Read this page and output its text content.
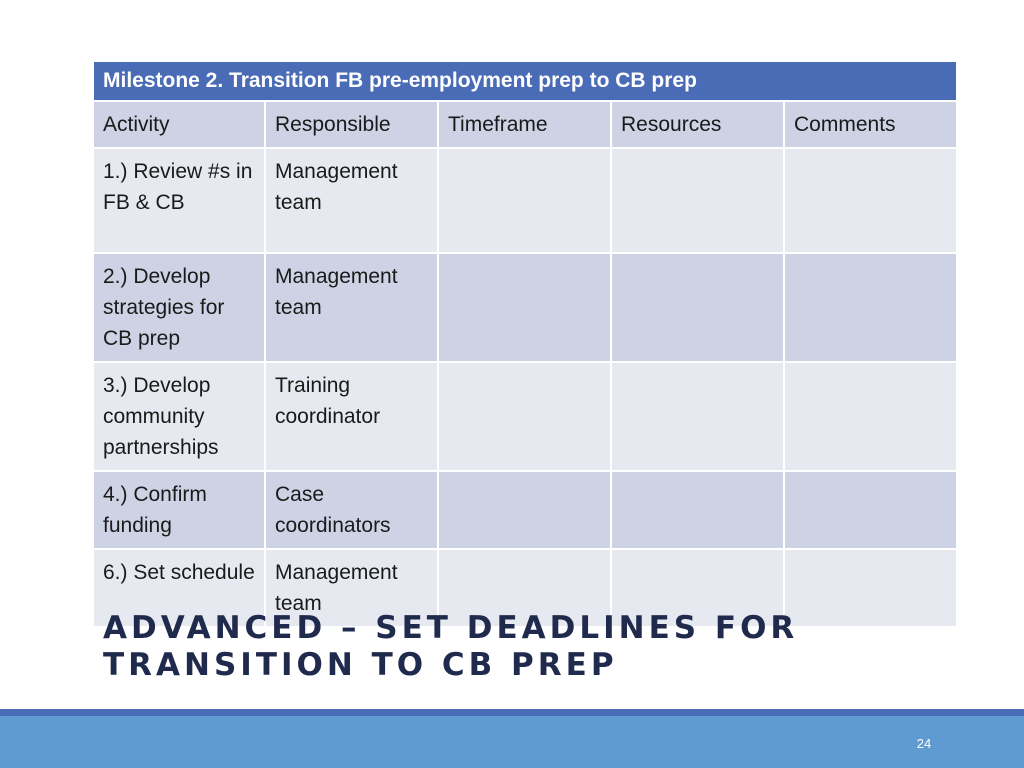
Milestone 2. Transition FB pre-employment prep to CB prep				
Activity	Responsible	Timeframe	Resources	Comments
1.) Review #s in FB & CB	Management team			
2.) Develop strategies for CB prep	Management team			
3.) Develop community partnerships	Training coordinator			
4.) Confirm funding	Case coordinators			
6.) Set schedule	Management team			
ADVANCED – SET DEADLINES FOR TRANSITION TO CB PREP
24
